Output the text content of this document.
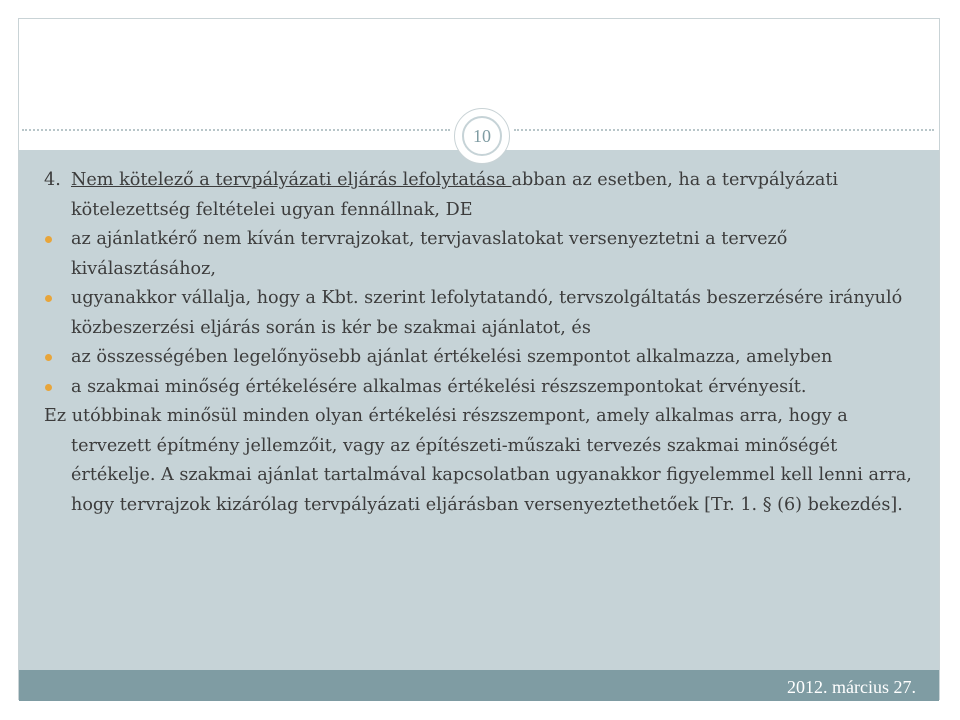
2012. március 27.
10

4. Nem kötelező a tervpályázati eljárás lefolytatása abban az esetben, ha a tervpályázati kötelezettség feltételei ugyan fennállnak, DE

az ajánlatkérő nem kíván tervrajzokat, tervjavaslatokat versenyeztetni a tervező kiválasztásához,

ugyanakkor vállalja, hogy a Kbt. szerint lefolytatandó, tervszolgáltatás beszerzésére irányuló közbeszerzési eljárás során is kér be szakmai ajánlatot, és

az összességében legelőnyösebb ajánlat értékelési szempontot alkalmazza, amelyben

a szakmai minőség értékelésére alkalmas értékelési részszempontokat érvényesít.

Ez utóbbinak minősül minden olyan értékelési részszempont, amely alkalmas arra, hogy a tervezett építmény jellemzőit, vagy az építészeti-műszaki tervezés szakmai minőségét értékelje. A szakmai ajánlat tartalmával kapcsolatban ugyanakkor figyelemmel kell lenni arra, hogy tervrajzok kizárólag tervpályázati eljárásban versenyeztethetőek [Tr. 1. § (6) bekezdés].
